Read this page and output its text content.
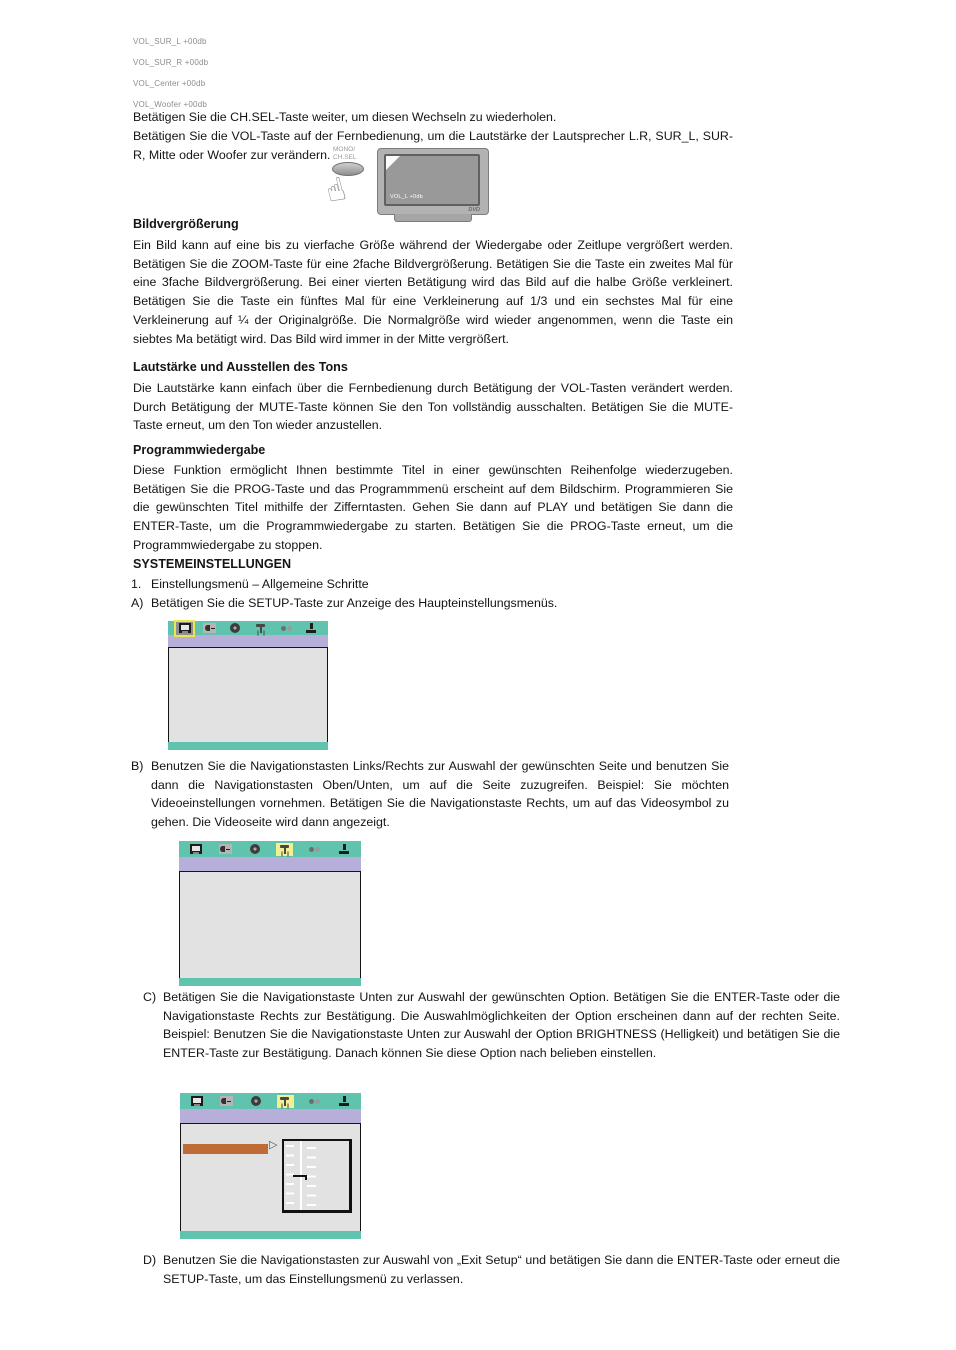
VOL_SUR_L +00db
VOL_SUR_R +00db
VOL_Center +00db
VOL_Woofer +00db

Betätigen Sie die CH.SEL-Taste weiter, um diesen Wechseln zu wiederholen.

Betätigen Sie die VOL-Taste auf der Fernbedienung, um die Lautstärke der Lautsprecher L.R, SUR_L, SUR-R, Mitte oder Woofer zur verändern. MONO/
CH.SEL
☝	VOL_L +0db
DVD
Bildvergrößerung

Ein Bild kann auf eine bis zu vierfache Größe während der Wiedergabe oder Zeitlupe vergrößert werden. Betätigen Sie die ZOOM-Taste für eine 2fache Bildvergrößerung. Betätigen Sie die Taste ein zweites Mal für eine 3fache Bildvergrößerung. Bei einer vierten Betätigung wird das Bild auf die halbe Größe verkleinert. Betätigen Sie die Taste ein fünftes Mal für eine Verkleinerung auf 1/3 und ein sechstes Mal für eine Verkleinerung auf ¼ der Originalgröße. Die Normalgröße wird wieder angenommen, wenn die Taste ein siebtes Ma betätigt wird. Das Bild wird immer in der Mitte vergrößert.

Lautstärke und Ausstellen des Tons

Die Lautstärke kann einfach über die Fernbedienung durch Betätigung der VOL-Tasten verändert werden. Durch Betätigung der MUTE-Taste können Sie den Ton vollständig ausschalten. Betätigen Sie die MUTE-Taste erneut, um den Ton wieder anzustellen.

Programmwiedergabe

Diese Funktion ermöglicht Ihnen bestimmte Titel in einer gewünschten Reihenfolge wiederzugeben. Betätigen Sie die PROG-Taste und das Programmmenü erscheint auf dem Bildschirm. Programmieren Sie die gewünschten Titel mithilfe der Zifferntasten. Gehen Sie dann auf PLAY und betätigen Sie dann die ENTER-Taste, um die Programmwiedergabe zu starten. Betätigen Sie die PROG-Taste erneut, um die Programmwiedergabe zu stoppen.

SYSTEMEINSTELLUNGEN
1. Einstellungsmenü – Allgemeine Schritte
A) Betätigen Sie die SETUP-Taste zur Anzeige des Haupteinstellungsmenüs.
B) Benutzen Sie die Navigationstasten Links/Rechts zur Auswahl der gewünschten Seite und benutzen Sie dann die Navigationstasten Oben/Unten, um auf die Seite zuzugreifen. Beispiel: Sie möchten Videoeinstellungen vornehmen. Betätigen Sie die Navigationstaste Rechts, um auf das Videosymbol zu gehen. Die Videoseite wird dann angezeigt.
C) Betätigen Sie die Navigationstaste Unten zur Auswahl der gewünschten Option. Betätigen Sie die ENTER-Taste oder die Navigationstaste Rechts zur Bestätigung. Die Auswahlmöglichkeiten der Option erscheinen dann auf der rechten Seite. Beispiel: Benutzen Sie die Navigationstaste Unten zur Auswahl der Option BRIGHTNESS (Helligkeit) und betätigen Sie die ENTER-Taste zur Bestätigung. Danach können Sie diese Option nach belieben einstellen.
▷
D) Benutzen Sie die Navigationstasten zur Auswahl von „Exit Setup“ und betätigen Sie dann die ENTER-Taste oder erneut die SETUP-Taste, um das Einstellungsmenü zu verlassen.
